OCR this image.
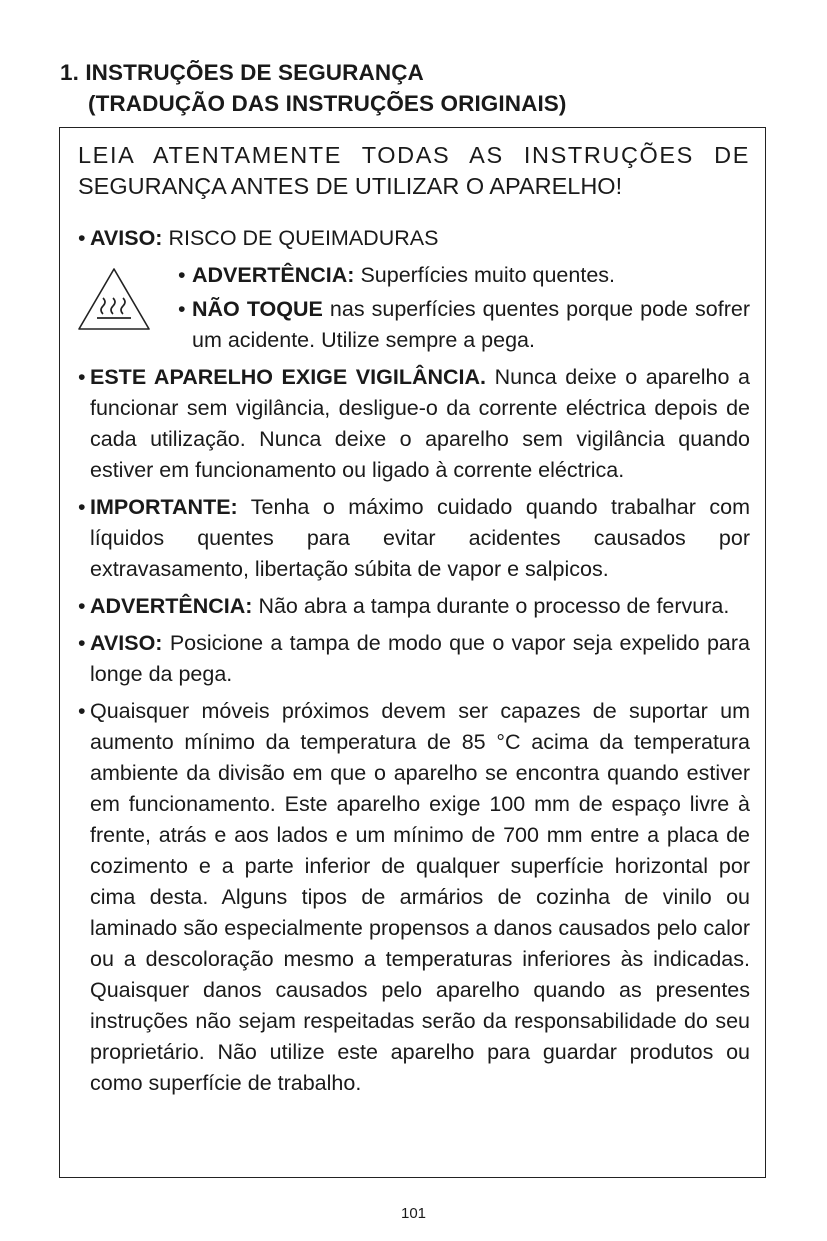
1. INSTRUÇÕES DE SEGURANÇA
(TRADUÇÃO DAS INSTRUÇÕES ORIGINAIS)
LEIA ATENTAMENTE TODAS AS INSTRUÇÕES DE
SEGURANÇA ANTES DE UTILIZAR O APARELHO!
• AVISO: RISCO DE QUEIMADURAS
• ADVERTÊNCIA: Superfícies muito quentes.
• NÃO TOQUE nas superfícies quentes porque pode sofrer um acidente. Utilize sempre a pega.
• ESTE APARELHO EXIGE VIGILÂNCIA. Nunca deixe o aparelho a funcionar sem vigilância, desligue-o da corrente eléctrica depois de cada utilização. Nunca deixe o aparelho sem vigilância quando estiver em funcionamento ou ligado à corrente eléctrica.
• IMPORTANTE: Tenha o máximo cuidado quando trabalhar com líquidos quentes para evitar acidentes causados por extravasamento, libertação súbita de vapor e salpicos.
• ADVERTÊNCIA: Não abra a tampa durante o processo de fervura.
• AVISO: Posicione a tampa de modo que o vapor seja expelido para longe da pega.
• Quaisquer móveis próximos devem ser capazes de suportar um aumento mínimo da temperatura de 85 °C acima da temperatura ambiente da divisão em que o aparelho se encontra quando estiver em funcionamento. Este aparelho exige 100 mm de espaço livre à frente, atrás e aos lados e um mínimo de 700 mm entre a placa de cozimento e a parte inferior de qualquer superfície horizontal por cima desta. Alguns tipos de armários de cozinha de vinilo ou laminado são especialmente propensos a danos causados pelo calor ou a descoloração mesmo a temperaturas inferiores às indicadas. Quaisquer danos causados pelo aparelho quando as presentes instruções não sejam respeitadas serão da responsabilidade do seu proprietário. Não utilize este aparelho para guardar produtos ou como superfície de trabalho.
101
